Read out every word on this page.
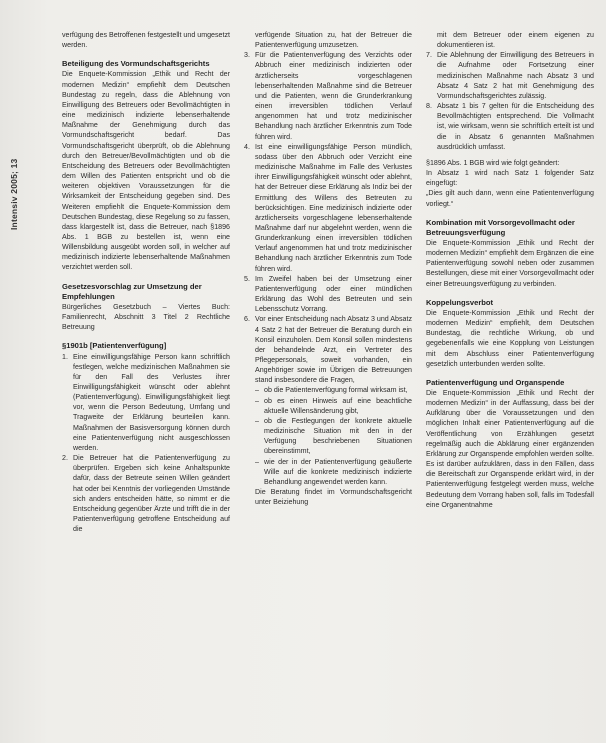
Intensiv 2005; 13

verfügung des Betroffenen festgestellt und umgesetzt werden.

Beteiligung des Vormundschaftsgerichts

Die Enquete-Kommission „Ethik und Recht der modernen Medizin“ empfiehlt dem Deutschen Bundestag zu regeln, dass die Ablehnung von Einwilligung des Betreuers oder Bevollmächtigten in eine medizinisch indizierte lebenserhaltende Maßnahme der Genehmigung durch das Vormundschaftsgericht bedarf. Das Vormundschaftsgericht überprüft, ob die Ablehnung durch den Betreuer/Bevollmächtigten und ob die Entscheidung des Betreuers oder Bevollmächtigten dem Willen des Patienten entspricht und ob die weiteren objektiven Voraussetzungen für die Wirksamkeit der Entscheidung gegeben sind. Des Weiteren empfiehlt die Enquete-Kommission dem Deutschen Bundestag, diese Regelung so zu fassen, dass klargestellt ist, dass die Betreuer, nach §1896 Abs. 1 BGB zu bestellen ist, wenn eine Willensbildung ausgeübt worden soll, in welcher auf medizinisch indizierte lebenserhaltende Maßnahmen verzichtet werden soll.

Gesetzesvorschlag zur Umsetzung der Empfehlungen

Bürgerliches Gesetzbuch – Viertes Buch: Familienrecht, Abschnitt 3 Titel 2 Rechtliche Betreuung

§1901b [Patientenverfügung]
1. Eine einwilligungsfähige Person kann schriftlich festlegen, welche medizinischen Maßnahmen sie für den Fall des Verlustes ihrer Einwilligungsfähigkeit wünscht oder ablehnt (Patientenverfügung). Einwilligungsfähigkeit liegt vor, wenn die Person Bedeutung, Umfang und Tragweite der Erklärung beurteilen kann. Maßnahmen der Basisversorgung können durch eine Patientenverfügung nicht ausgeschlossen werden.

2. Die Betreuer hat die Patientenverfügung zu überprüfen. Ergeben sich keine Anhaltspunkte dafür, dass der Betreute seinen Willen geändert hat oder bei Kenntnis der vorliegenden Umstände sich anders entscheiden hätte, so nimmt er die Entscheidung gegenüber Ärzte und trifft die in der Patientenverfügung getroffene Entscheidung auf die

verfügende Situation zu, hat der Betreuer die Patientenverfügung umzusetzen.

3. Für die Patientenverfügung des Verzichts oder Abbruch einer medizinisch indizierten oder ärztlicherseits vorgeschlagenen lebenserhaltenden Maßnahme sind die Betreuer und die Patienten, wenn die Grunderkrankung einen irreversiblen tödlichen Verlauf angenommen hat und trotz medizinischer Behandlung nach ärztlicher Erkenntnis zum Tode führen wird.

4. Ist eine einwilligungsfähige Person mündlich, sodass über den Abbruch oder Verzicht eine medizinische Maßnahme im Falle des Verlustes ihrer Einwilligungsfähigkeit wünscht oder ablehnt, hat der Betreuer diese Erklärung als Indiz bei der Ermittlung des Willens des Betreuten zu berücksichtigen. Eine medizinisch indizierte oder ärztlicherseits vorgeschlagene lebenserhaltende Maßnahme darf nur abgelehnt werden, wenn die Grunderkrankung einen irreversiblen tödlichen Verlauf angenommen hat und trotz medizinischer Behandlung nach ärztlicher Erkenntnis zum Tode führen wird.

5. Im Zweifel haben bei der Umsetzung einer Patientenverfügung oder einer mündlichen Erklärung das Wohl des Betreuten und sein Lebensschutz Vorrang.

6. Vor einer Entscheidung nach Absatz 3 und Absatz 4 Satz 2 hat der Betreuer die Beratung durch ein Konsil einzuholen. Dem Konsil sollen mindestens der behandelnde Arzt, ein Vertreter des Pflegepersonals, soweit vorhanden, ein Angehöriger sowie im Übrigen die Betreuungen stand insbesondere die Fragen,

– ob die Patientenverfügung formal wirksam ist,

– ob es einen Hinweis auf eine beachtliche aktuelle Willensänderung gibt,

– ob die Festlegungen der konkrete aktuelle medizinische Situation mit den in der Verfügung beschriebenen Situationen übereinstimmt,

– wie der in der Patientenverfügung geäußerte Wille auf die konkrete medizinisch indizierte Behandlung angewendet werden kann.

Die Beratung findet im Vormundschaftsgericht unter Beiziehung

mit dem Betreuer oder einem eigenen zu dokumentieren ist.

7. Die Ablehnung der Einwilligung des Betreuers in die Aufnahme oder Fortsetzung einer medizinischen Maßnahme nach Absatz 3 und Absatz 4 Satz 2 hat mit Genehmigung des Vormundschaftsgerichtes zulässig.

8. Absatz 1 bis 7 gelten für die Entscheidung des Bevollmächtigten entsprechend. Die Vollmacht ist, wie wirksam, wenn sie schriftlich erteilt ist und die in Absatz 6 genannten Maßnahmen ausdrücklich umfasst.

§1896 Abs. 1 BGB wird wie folgt geändert:

In Absatz 1 wird nach Satz 1 folgender Satz eingefügt:

„Dies gilt auch dann, wenn eine Patientenverfügung vorliegt.“

Kombination mit Vorsorgevollmacht oder Betreuungsverfügung

Die Enquete-Kommission „Ethik und Recht der modernen Medizin“ empfiehlt dem Ergänzen die eine Patientenverfügung sowohl neben oder zusammen Bestellungen, diese mit einer Vorsorgevollmacht oder einer Betreuungsverfügung zu verbinden.

Koppelungsverbot

Die Enquete-Kommission „Ethik und Recht der modernen Medizin“ empfiehlt, dem Deutschen Bundestag, die rechtliche Wirkung, ob und gegebenenfalls wie eine Kopplung von Leistungen mit dem Abschluss einer Patientenverfügung gesetzlich unterbunden werden sollte.

Patientenverfügung und Organspende

Die Enquete-Kommission „Ethik und Recht der modernen Medizin“ in der Auffassung, dass bei der Aufklärung über die Voraussetzungen und den möglichen Inhalt einer Patientenverfügung auf die Veröffentlichung von Erzählungen gesetzt regelmäßig auch die Abklärung einer ergänzenden Erklärung zur Organspende empfohlen werden sollte. Es ist darüber aufzuklären, dass in den Fällen, dass die Bereitschaft zur Organspende erklärt wird, in der Patientenverfügung festgelegt werden muss, welche Bedeutung dem Vorrang haben soll, falls im Todesfall eine Organentnahme
